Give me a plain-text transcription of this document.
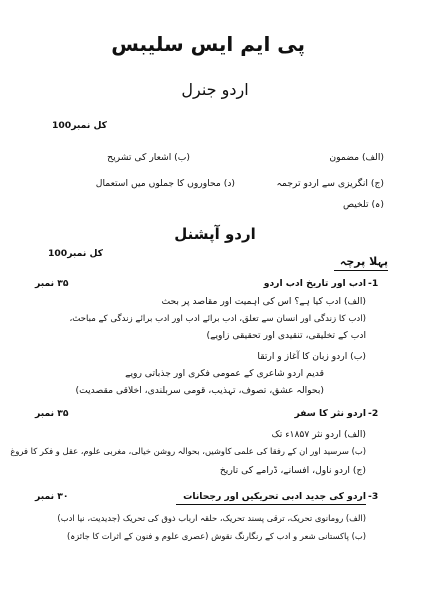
پی ایم ایس سلیبس
اردو جنرل
کل نمبر100
(الف) مضمون
(ب) اشعار کی تشریح
(ج) انگریزی سے اردو ترجمہ
(د) محاوروں کا جملوں میں استعمال
(ہ) تلخیص
اردو آپشنل
کل نمبر100
پہلا پرچہ
-1
ادب اور تاریخ ادب اردو
۳۵ نمبر
(الف) ادب کیا ہے؟ اس کی اہمیت اور مقاصد پر بحث
(ادب کا زندگی اور انسان سے تعلق، ادب برائے ادب اور ادب برائے زندگی کے مباحث،
ادب کے تخلیقی، تنقیدی اور تحقیقی زاویے)
(ب) اردو زبان کا آغاز و ارتقا
قدیم اردو شاعری کے عمومی فکری اور جذباتی رویے
(بحوالہ عشق، تصوف، تہذیب، قومی سربلندی، اخلاقی مقصدیت)
-2
اردو نثر کا سفر
۳۵ نمبر
(الف) اردو نثر ۱۸۵۷ء تک
(ب) سرسید اور ان کے رفقا کی علمی کاوشیں، بحوالہ روشن خیالی، مغربی علوم، عقل و فکر کا فروغ
(ج) اردو ناول، افسانے، ڈرامے کی تاریخ
-3
اردو کی جدید ادبی تحریکیں اور رجحانات
۳۰ نمبر
(الف) رومانوی تحریک، ترقی پسند تحریک، حلقہ ارباب ذوق کی تحریک (جدیدیت، نیا ادب)
(ب) پاکستانی شعر و ادب کے رنگارنگ نقوش (عصری علوم و فنون کے اثرات کا جائزہ)
